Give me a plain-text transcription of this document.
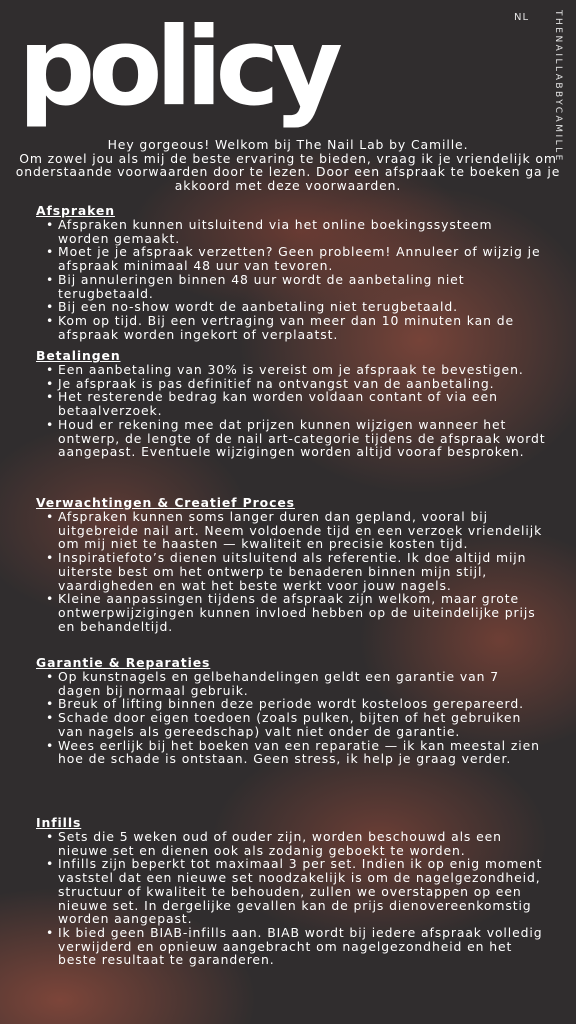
policy	NL	THENAILLABBYCAMILLE

Hey gorgeous! Welkom bij The Nail Lab by Camille.

Om zowel jou als mij de beste ervaring te bieden, vraag ik je vriendelijk om onderstaande voorwaarden door te lezen. Door een afspraak te boeken ga je akkoord met deze voorwaarden.

Afspraken
• Afspraken kunnen uitsluitend via het online boekingssysteem worden gemaakt.
• Moet je je afspraak verzetten? Geen probleem! Annuleer of wijzig je afspraak minimaal 48 uur van tevoren.
• Bij annuleringen binnen 48 uur wordt de aanbetaling niet terugbetaald.
• Bij een no-show wordt de aanbetaling niet terugbetaald.
• Kom op tijd. Bij een vertraging van meer dan 10 minuten kan de afspraak worden ingekort of verplaatst.
Betalingen
• Een aanbetaling van 30% is vereist om je afspraak te bevestigen.
• Je afspraak is pas definitief na ontvangst van de aanbetaling.
• Het resterende bedrag kan worden voldaan contant of via een betaalverzoek.
• Houd er rekening mee dat prijzen kunnen wijzigen wanneer het ontwerp, de lengte of de nail art-categorie tijdens de afspraak wordt aangepast. Eventuele wijzigingen worden altijd vooraf besproken.
Verwachtingen & Creatief Proces
• Afspraken kunnen soms langer duren dan gepland, vooral bij uitgebreide nail art. Neem voldoende tijd en een verzoek vriendelijk om mij niet te haasten — kwaliteit en precisie kosten tijd.
• Inspiratiefoto’s dienen uitsluitend als referentie. Ik doe altijd mijn uiterste best om het ontwerp te benaderen binnen mijn stijl, vaardigheden en wat het beste werkt voor jouw nagels.
• Kleine aanpassingen tijdens de afspraak zijn welkom, maar grote ontwerpwijzigingen kunnen invloed hebben op de uiteindelijke prijs en behandeltijd.
Garantie & Reparaties
• Op kunstnagels en gelbehandelingen geldt een garantie van 7 dagen bij normaal gebruik.
• Breuk of lifting binnen deze periode wordt kosteloos gerepareerd.
• Schade door eigen toedoen (zoals pulken, bijten of het gebruiken van nagels als gereedschap) valt niet onder de garantie.
• Wees eerlijk bij het boeken van een reparatie — ik kan meestal zien hoe de schade is ontstaan. Geen stress, ik help je graag verder.
Infills
• Sets die 5 weken oud of ouder zijn, worden beschouwd als een nieuwe set en dienen ook als zodanig geboekt te worden.
• Infills zijn beperkt tot maximaal 3 per set. Indien ik op enig moment vaststel dat een nieuwe set noodzakelijk is om de nagelgezondheid, structuur of kwaliteit te behouden, zullen we overstappen op een nieuwe set. In dergelijke gevallen kan de prijs dienovereenkomstig worden aangepast.
• Ik bied geen BIAB-infills aan. BIAB wordt bij iedere afspraak volledig verwijderd en opnieuw aangebracht om nagelgezondheid en het beste resultaat te garanderen.
